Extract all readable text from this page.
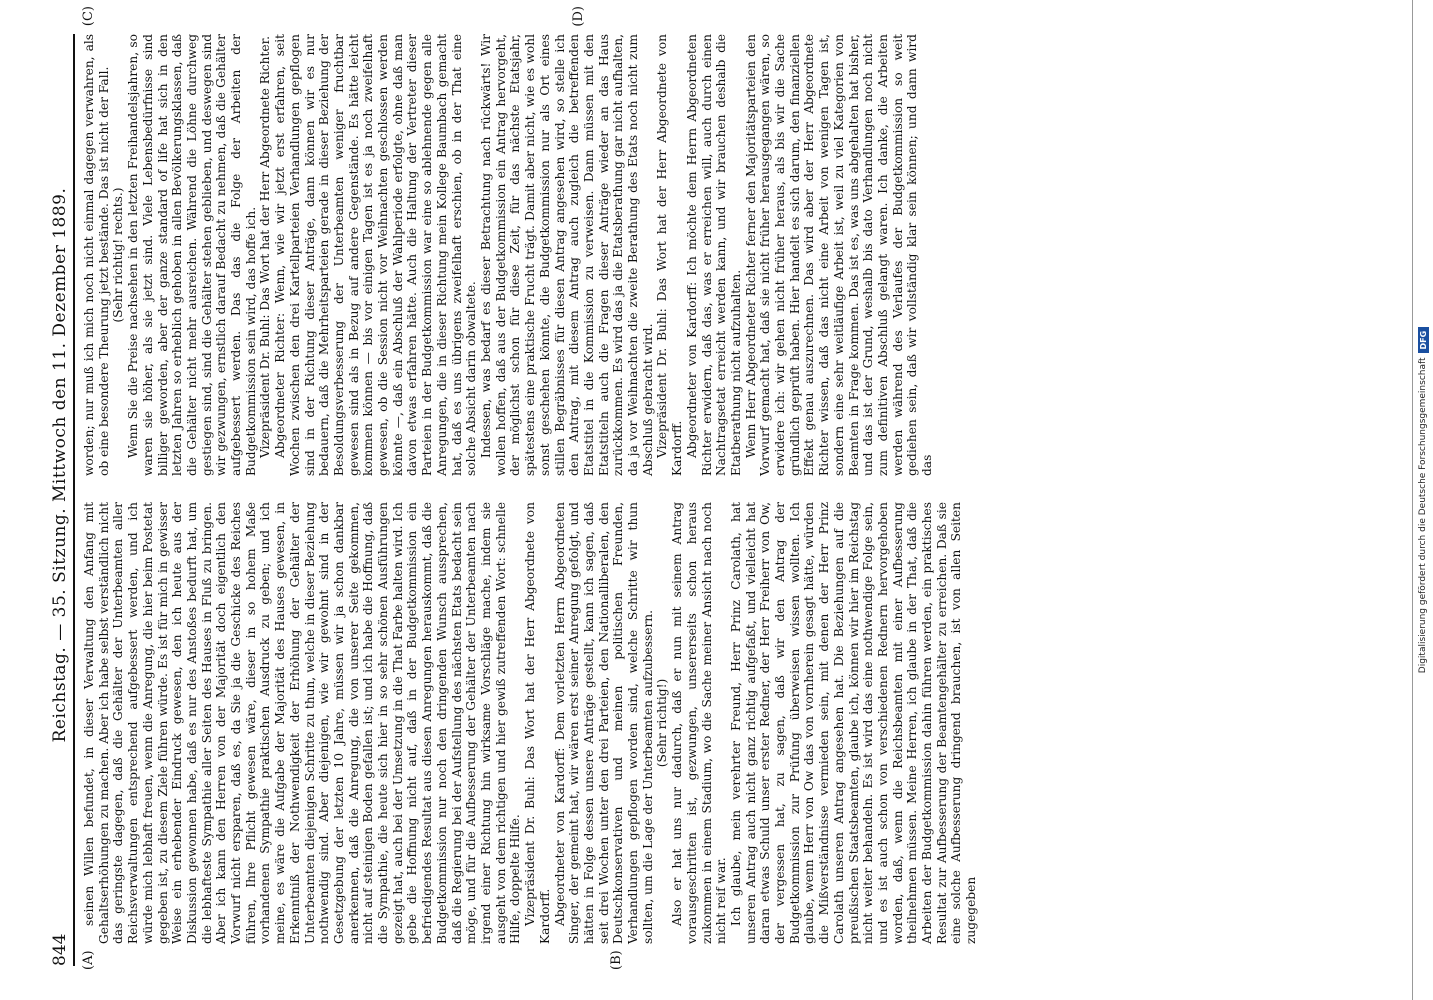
844
Reichstag. — 35. Sitzung. Mittwoch den 11. Dezember 1889.
(A)	(B)

seinen Willen befundet, in dieser Verwaltung den Anfang mit Gehaltserhöhungen zu machen. Aber ich habe selbst verständlich nicht das geringste dagegen, daß die Gehälter der Unterbeamten aller Reichsverwaltungen entsprechend aufgebessert werden, und ich würde mich lebhaft freuen, wenn die Anregung, die hier beim Postetat gegeben ist, zu diesem Ziele führen würde. Es ist für mich in gewisser Weise ein erhebender Eindruck gewesen, den ich heute aus der Diskussion gewonnen habe, daß es nur des Anstoßes bedurft hat, um die lebhafteste Sympathie aller Seiten des Hauses in Fluß zu bringen. Aber ich kann den Herren von der Majorität doch eigentlich den Vorwurf nicht ersparen, daß es, da Sie ja die Geschicke des Reiches führen, Ihre Pflicht gewesen wäre, dieser in so hohem Maße vorhandenen Sympathie praktischen Ausdruck zu geben; und ich meine, es wäre die Aufgabe der Majorität des Hauses gewesen, in Erkenntniß der Nothwendigkeit der Erhöhung der Gehälter der Unterbeamten diejenigen Schritte zu thun, welche in dieser Beziehung nothwendig sind. Aber diejenigen, wie wir gewohnt sind in der Gesetzgebung der letzten 10 Jahre, müssen wir ja schon dankbar anerkennen, daß die Anregung, die von unserer Seite gekommen, nicht auf steinigen Boden gefallen ist; und ich habe die Hoffnung, daß die Sympathie, die heute sich hier in so sehr schönen Ausführungen gezeigt hat, auch bei der Umsetzung in die That Farbe halten wird. Ich gebe die Hoffnung nicht auf, daß in der Budgetkommission ein befriedigendes Resultat aus diesen Anregungen herauskommt, daß die Budgetkommission nur noch den dringenden Wunsch aussprechen, daß die Regierung bei der Aufstellung des nächsten Etats bedacht sein möge, und für die Aufbesserung der Gehälter der Unterbeamten nach irgend einer Richtung hin wirksame Vorschläge mache, indem sie ausgeht von dem richtigen und hier gewiß zutreffenden Wort: schnelle Hilfe, doppelte Hilfe. Vizepräsident Dr. Buhl: Das Wort hat der Herr Abgeordnete von Kardorff. Abgeordneter von Kardorff: Dem vorletzten Herrn Abgeordneten Singer, der gemeint hat, wir wären erst seiner Anregung gefolgt, und hätten in Folge dessen unsere Anträge gestellt, kann ich sagen, daß seit drei Wochen unter den drei Parteien, den Nationalliberalen, den Deutschkonservativen und meinen politischen Freunden, Verhandlungen gepflogen worden sind, welche Schritte wir thun sollten, um die Lage der Unterbeamten aufzubessern. (Sehr richtig!) Also er hat uns nur dadurch, daß er nun mit seinem Antrag vorausgeschritten ist, gezwungen, unsererseits schon heraus zukommen in einem Stadium, wo die Sache meiner Ansicht nach noch nicht reif war. Ich glaube, mein verehrter Freund, Herr Prinz Carolath, hat unseren Antrag auch nicht ganz richtig aufgefaßt, und vielleicht hat daran etwas Schuld unser erster Redner, der Herr Freiherr von Ow, der vergessen hat, zu sagen, daß wir den Antrag der Budgetkommission zur Prüfung überweisen wissen wollten. Ich glaube, wenn Herr von Ow das von vornherein gesagt hätte, würden die Mißverständnisse vermieden sein, mit denen der Herr Prinz Carolath unseren Antrag angesehen hat. Die Beziehungen auf die preußischen Staatsbeamten, glaube ich, können wir hier im Reichstag nicht weiter behandeln. Es ist wird das eine nothwendige Folge sein, und es ist auch schon von verschiedenen Rednern hervorgehoben worden, daß, wenn die Reichsbeamten mit einer Aufbesserung theilnehmen müssen. Meine Herren, ich glaube in der That, daß die Arbeiten der Budgetkommission dahin führen werden, ein praktisches Resultat zur Aufbesserung der Beamtengehälter zu erreichen. Daß sie eine solche Aufbesserung dringend brauchen, ist von allen Seiten zugegeben

(C)	(D)

worden; nur muß ich mich noch nicht einmal dagegen verwahren, als ob eine besondere Theurung jetzt bestände. Das ist nicht der Fall. (Sehr richtig! rechts.) Wenn Sie die Preise nachsehen in den letzten Freihandelsjahren, so waren sie höher, als sie jetzt sind. Viele Lebensbedürfnisse sind billiger geworden, aber der ganze standard of life hat sich in den letzten Jahren so erheblich gehoben in allen Bevölkerungsklassen, daß die Gehälter nicht mehr ausreichen. Während die Löhne durchweg gestiegen sind, sind die Gehälter stehen geblieben, und deswegen sind wir gezwungen, ernstlich darauf Bedacht zu nehmen, daß die Gehälter aufgebessert werden. Das das die Folge der Arbeiten der Budgetkommission sein wird, das hoffe ich. Vizepräsident Dr. Buhl: Das Wort hat der Herr Abgeordnete Richter. Abgeordneter Richter: Wenn, wie wir jetzt erst erfahren, seit Wochen zwischen den drei Kartellparteien Verhandlungen gepflogen sind in der Richtung dieser Anträge, dann können wir es nur bedauern, daß die Mehrheitsparteien gerade in dieser Beziehung der Besoldungsverbesserung der Unterbeamten weniger fruchtbar gewesen sind als in Bezug auf andere Gegenstände. Es hätte leicht kommen können — bis vor einigen Tagen ist es ja noch zweifelhaft gewesen, ob die Session nicht vor Weihnachten geschlossen werden könnte —, daß ein Abschluß der Wahlperiode erfolgte, ohne daß man davon etwas erfahren hätte. Auch die Haltung der Vertreter dieser Parteien in der Budgetkommission war eine so ablehnende gegen alle Anregungen, die in dieser Richtung mein Kollege Baumbach gemacht hat, daß es uns übrigens zweifelhaft erschien, ob in der That eine solche Absicht darin obwaltete. Indessen, was bedarf es dieser Betrachtung nach rückwärts! Wir wollen hoffen, daß aus der Budgetkommission ein Antrag hervorgeht, der möglichst schon für diese Zeit, für das nächste Etatsjahr, spätestens eine praktische Frucht trägt. Damit aber nicht, wie es wohl sonst geschehen könnte, die Budgetkommission nur als Ort eines stillen Begräbnisses für diesen Antrag angesehen wird, so stelle ich den Antrag, mit diesem Antrag auch zugleich die betreffenden Etatstitel in die Kommission zu verweisen. Dann müssen mit den Etatstiteln auch die Fragen dieser Anträge wieder an das Haus zurückkommen. Es wird das ja die Etatsberathung gar nicht aufhalten, da ja vor Weihnachten die zweite Berathung des Etats noch nicht zum Abschluß gebracht wird. Vizepräsident Dr. Buhl: Das Wort hat der Herr Abgeordnete von Kardorff. Abgeordneter von Kardorff: Ich möchte dem Herrn Abgeordneten Richter erwidern, daß das, was er erreichen will, auch durch einen Nachtragsetat erreicht werden kann, und wir brauchen deshalb die Etatberathung nicht aufzuhalten. Wenn Herr Abgeordneter Richter ferner den Majoritätsparteien den Vorwurf gemacht hat, daß sie nicht früher herausgegangen wären, so erwidere ich: wir gehen nicht früher heraus, als bis wir die Sache gründlich geprüft haben. Hier handelt es sich darum, den finanziellen Effekt genau auszurechnen. Das wird aber der Herr Abgeordnete Richter wissen, daß das nicht eine Arbeit von wenigen Tagen ist, sondern eine sehr weitläufige Arbeit ist, weil zu viel Kategorien von Beamten in Frage kommen. Das ist es, was uns abgehalten hat bisher, und das ist der Grund, weshalb bis dato Verhandlungen noch nicht zum definitiven Abschluß gelangt waren. Ich danke, die Arbeiten werden während des Verlaufes der Budgetkommission so weit gediehen sein, daß wir vollständig klar sein können; und dann wird das	Digitalisierung gefördert durch die Deutsche Forschungsgemeinschaft
DFG
